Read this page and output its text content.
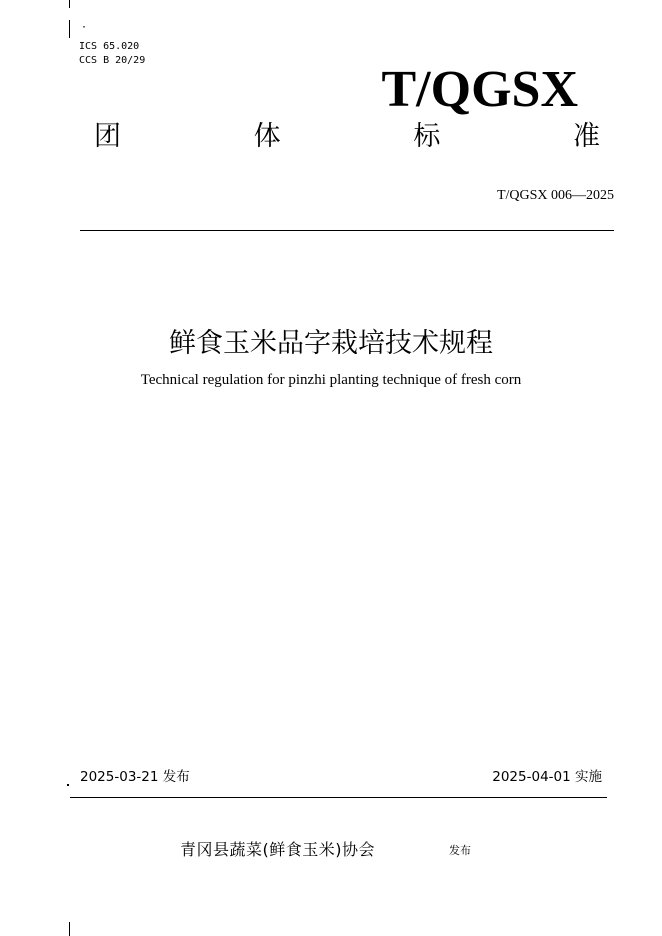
·
ICS 65.020
CCS B 20/29
T/QGSX
团	体	标	准
T/QGSX 006—2025
鲜食玉米品字栽培技术规程
Technical regulation for pinzhi planting technique of fresh corn
2025-03-21 发布	2025-04-01 实施
青冈县蔬菜(鲜食玉米)协会	发布
